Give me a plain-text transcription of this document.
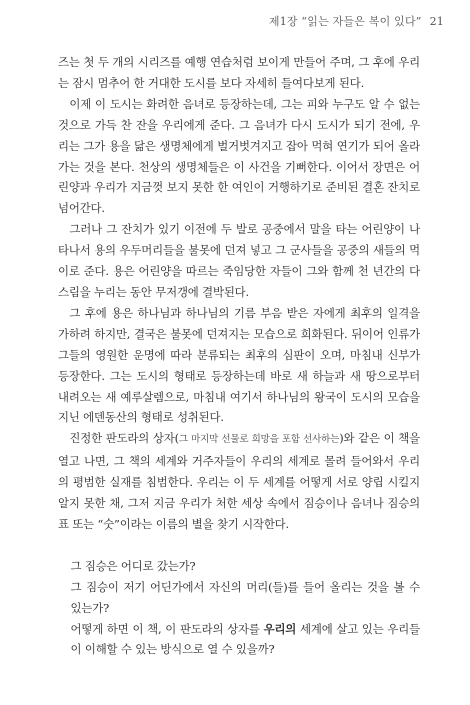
제1장 “읽는 자들은 복이 있다” 21

즈는 첫 두 개의 시리즈를 예행 연습처럼 보이게 만들어 주며, 그 후에 우리는 잠시 멈추어 한 거대한 도시를 보다 자세히 들여다보게 된다.

이제 이 도시는 화려한 음녀로 등장하는데, 그는 피와 누구도 알 수 없는 것으로 가득 찬 잔을 우리에게 준다. 그 음녀가 다시 도시가 되기 전에, 우리는 그가 용을 닮은 생명체에게 벌거벗겨지고 잡아 먹혀 연기가 되어 올라가는 것을 본다. 천상의 생명체들은 이 사건을 기뻐한다. 이어서 장면은 어린양과 우리가 지금껏 보지 못한 한 여인이 거행하기로 준비된 결혼 잔치로 넘어간다.

그러나 그 잔치가 있기 이전에 두 발로 공중에서 말을 타는 어린양이 나타나서 용의 우두머리들을 불못에 던져 넣고 그 군사들을 공중의 새들의 먹이로 준다. 용은 어린양을 따르는 죽임당한 자들이 그와 함께 천 년간의 다스림을 누리는 동안 무저갱에 결박된다.

그 후에 용은 하나님과 하나님의 기름 부음 받은 자에게 최후의 일격을 가하려 하지만, 결국은 불못에 던져지는 모습으로 희화된다. 뒤이어 인류가 그들의 영원한 운명에 따라 분류되는 최후의 심판이 오며, 마침내 신부가 등장한다. 그는 도시의 형태로 등장하는데 바로 새 하늘과 새 땅으로부터 내려오는 새 예루살렘으로, 마침내 여기서 하나님의 왕국이 도시의 모습을 지닌 에덴동산의 형태로 성취된다.

진정한 판도라의 상자(그 마지막 선물로 희망을 포함 선사하는)와 같은 이 책을 열고 나면, 그 책의 세계와 거주자들이 우리의 세계로 몰려 들어와서 우리의 평범한 실재를 침범한다. 우리는 이 두 세계를 어떻게 서로 양립 시킬지 알지 못한 채, 그저 지금 우리가 처한 세상 속에서 짐승이나 음녀나 짐승의 표 또는 “숫”이라는 이름의 별을 찾기 시작한다.

그 짐승은 어디로 갔는가?

그 짐승이 저기 어딘가에서 자신의 머리(들)를 들어 올리는 것을 볼 수 있는가?

어떻게 하면 이 책, 이 판도라의 상자를 우리의 세계에 살고 있는 우리들이 이해할 수 있는 방식으로 열 수 있을까?
